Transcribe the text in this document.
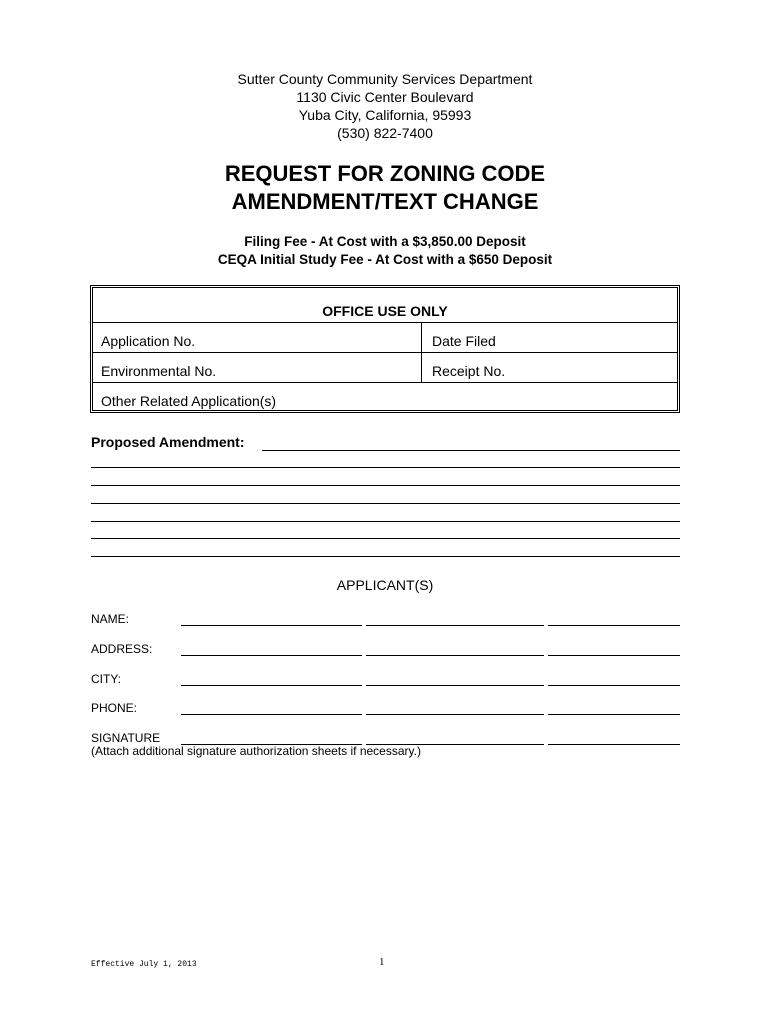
Sutter County Community Services Department
1130 Civic Center Boulevard
Yuba City, California, 95993
(530) 822-7400
REQUEST FOR ZONING CODE
AMENDMENT/TEXT CHANGE
Filing Fee - At Cost with a $3,850.00 Deposit
CEQA Initial Study Fee - At Cost with a $650 Deposit
OFFICE USE ONLY
Application No.	Date Filed
Environmental No.	Receipt No.
Other Related Application(s)
Proposed Amendment:
APPLICANT(S)
NAME:
ADDRESS:
CITY:
PHONE:
SIGNATURE
(Attach additional signature authorization sheets if necessary.)
Effective July 1, 2013	1
